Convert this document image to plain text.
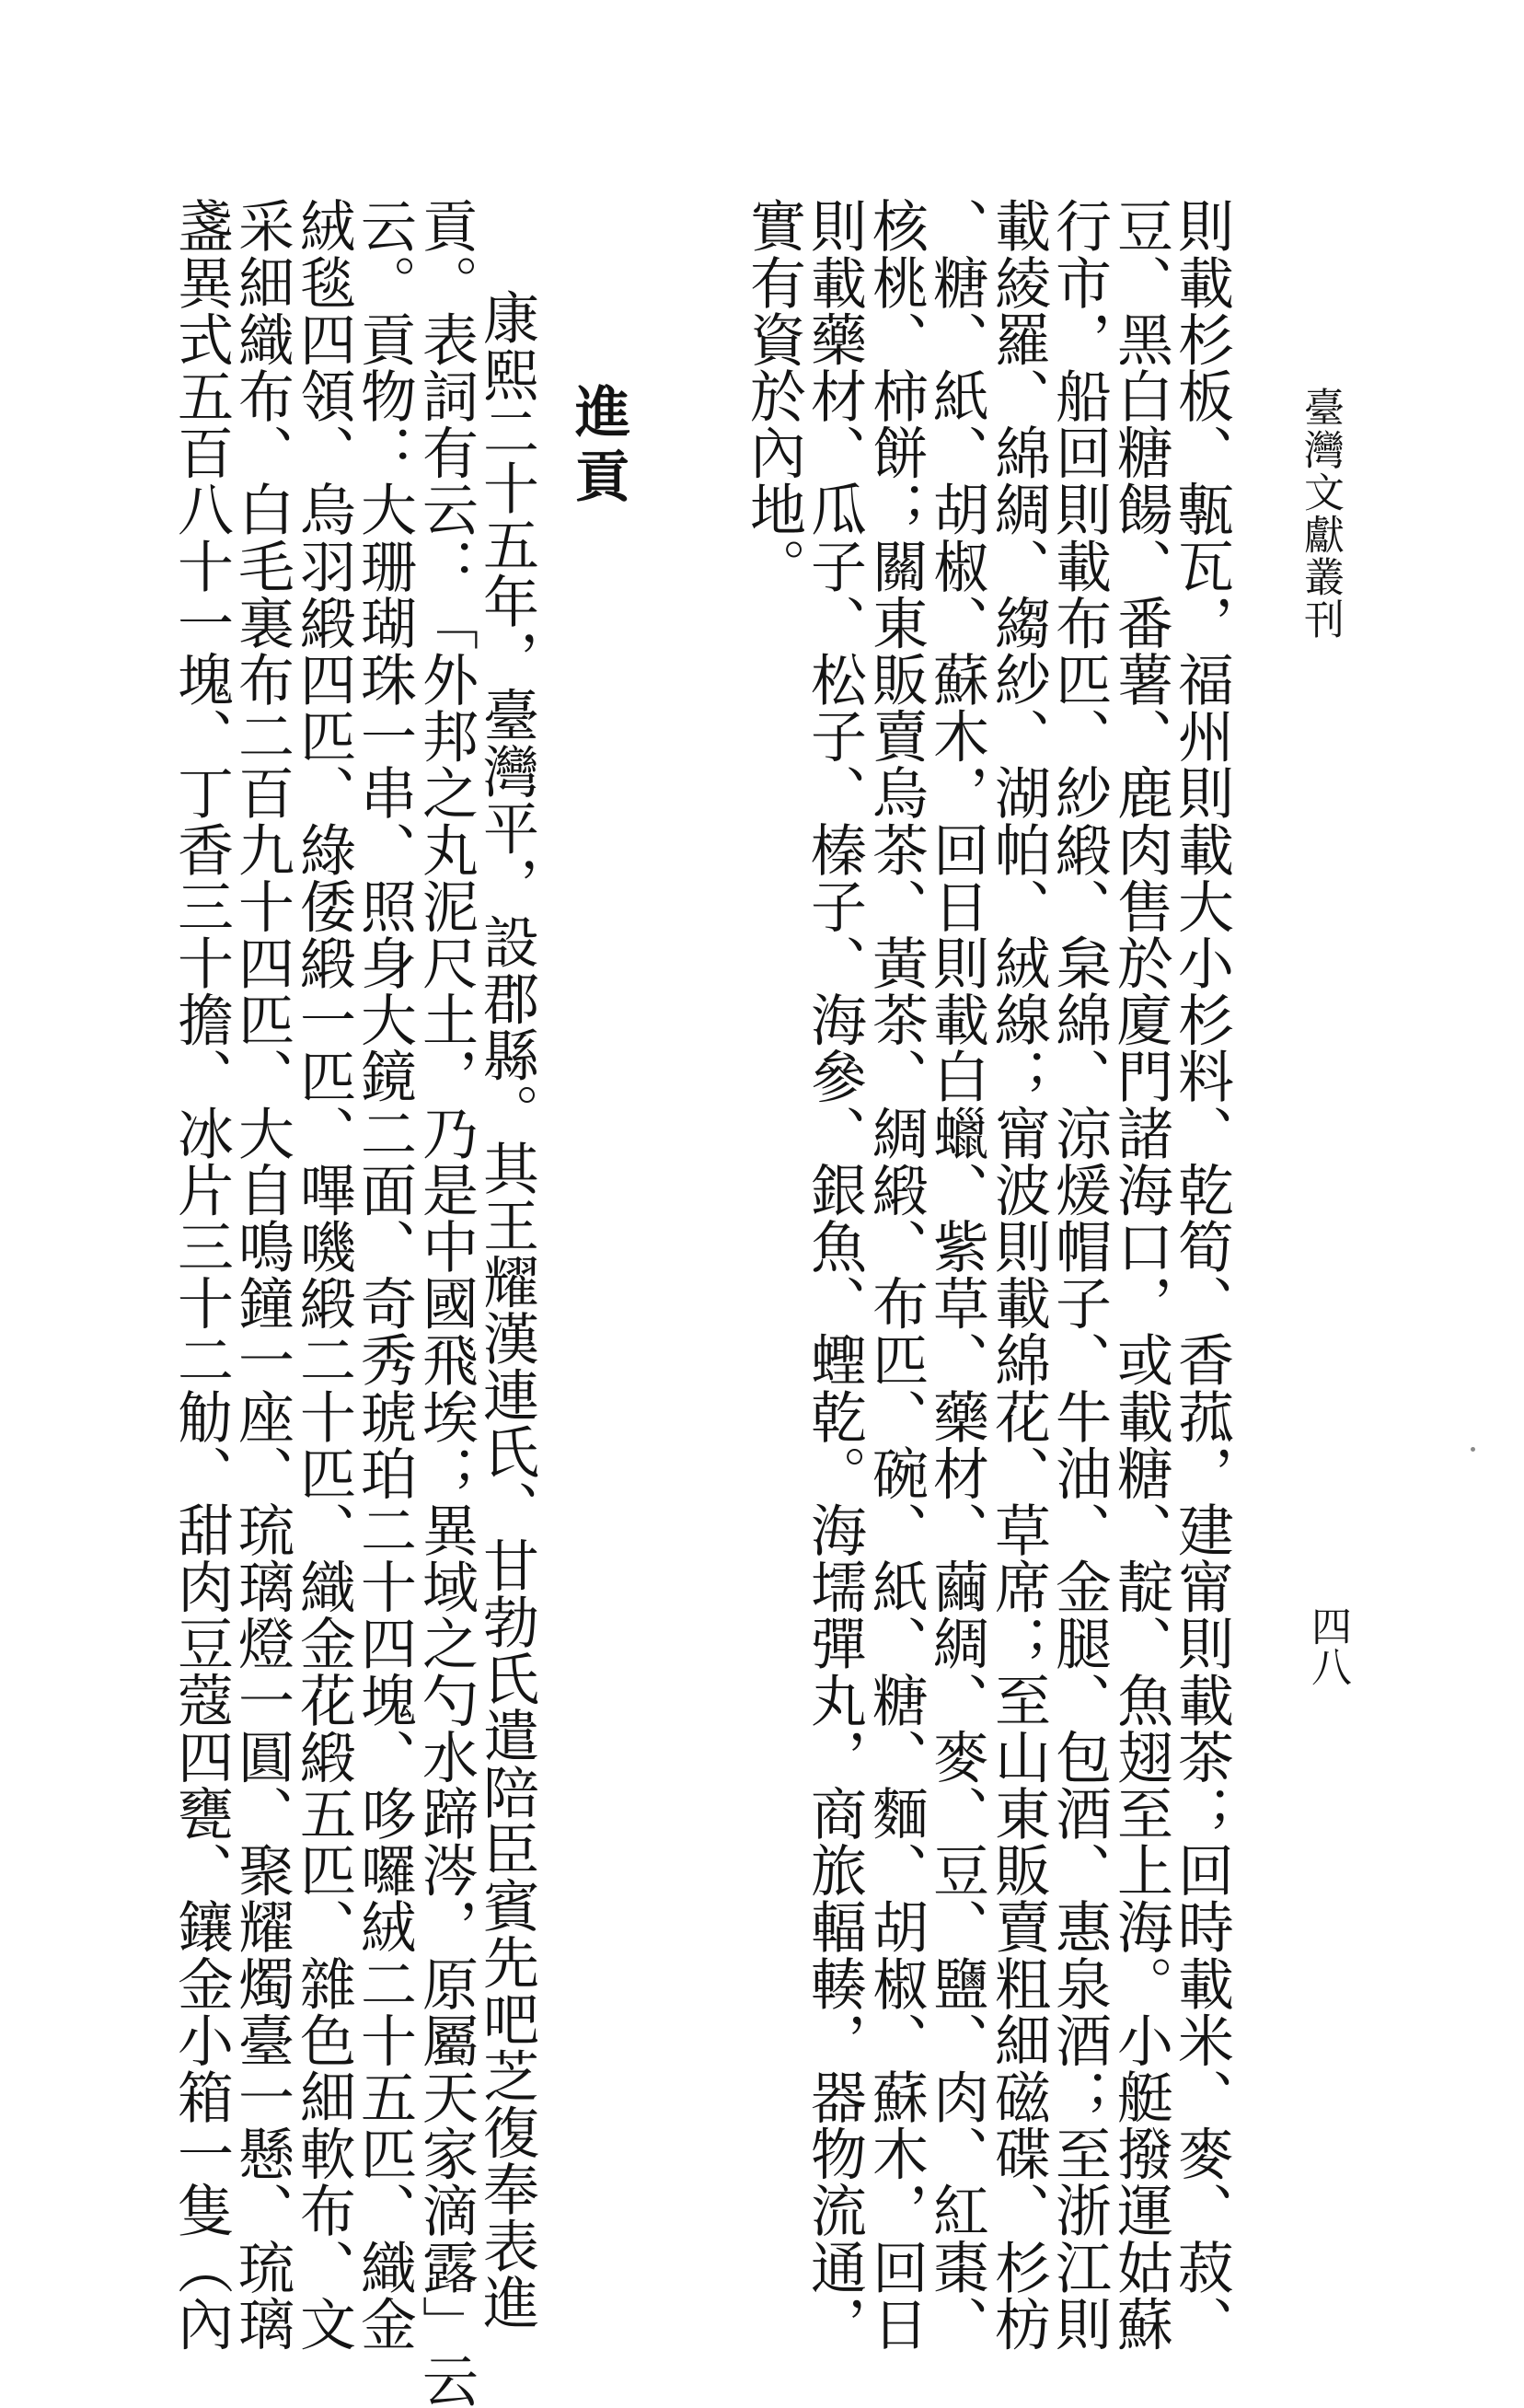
臺灣文獻叢刊
四八
則載杉板、甎瓦，福州則載大小杉料、乾筍、香菰，建甯則載茶；回時載米、麥、菽、
豆、黑白糖餳、番薯、鹿肉售於廈門諸海口，或載糖、靛、魚翅至上海。小艇撥運姑蘇
行市，船回則載布匹、紗緞、枲綿、涼煖帽子、牛油、金腿、包酒、惠泉酒；至浙江則
載綾羅、綿綢、縐紗、湖帕、絨線；甯波則載綿花、草席；至山東販賣粗細磁碟、杉枋
、糖、紙、胡椒、蘇木，回日則載白蠟、紫草、藥材、繭綢、麥、豆、鹽、肉、紅棗、
核桃、柿餅；關東販賣烏茶、黃茶、綢緞、布匹、碗、紙、糖、麵、胡椒、蘇木，回日
則載藥材、瓜子、松子、榛子、海參、銀魚、蟶乾。海壖彈丸，商旅輻輳，器物流通，
實有資於內地。
進貢
康熙二十五年，臺灣平，設郡縣。其王耀漢連氏、甘勃氏遣陪臣賓先吧芝復奉表進
貢。表詞有云：「外邦之丸泥尺土，乃是中國飛埃；異域之勺水蹄涔，原屬天家滴露」云
云。貢物：大珊瑚珠一串、照身大鏡二面、奇秀琥珀二十四塊、哆囉絨二十五匹、織金
絨毯四領、烏羽緞四匹、綠倭緞一匹、嗶嘰緞二十匹、織金花緞五匹、雜色細軟布、文
采細織布、白毛裏布二百九十四匹、大自鳴鐘一座、琉璃燈一圓、聚耀燭臺一懸、琉璃
盞異式五百八十一塊、丁香三十擔、冰片三十二觔、甜肉豆蔻四甕、鑲金小箱一隻（內
